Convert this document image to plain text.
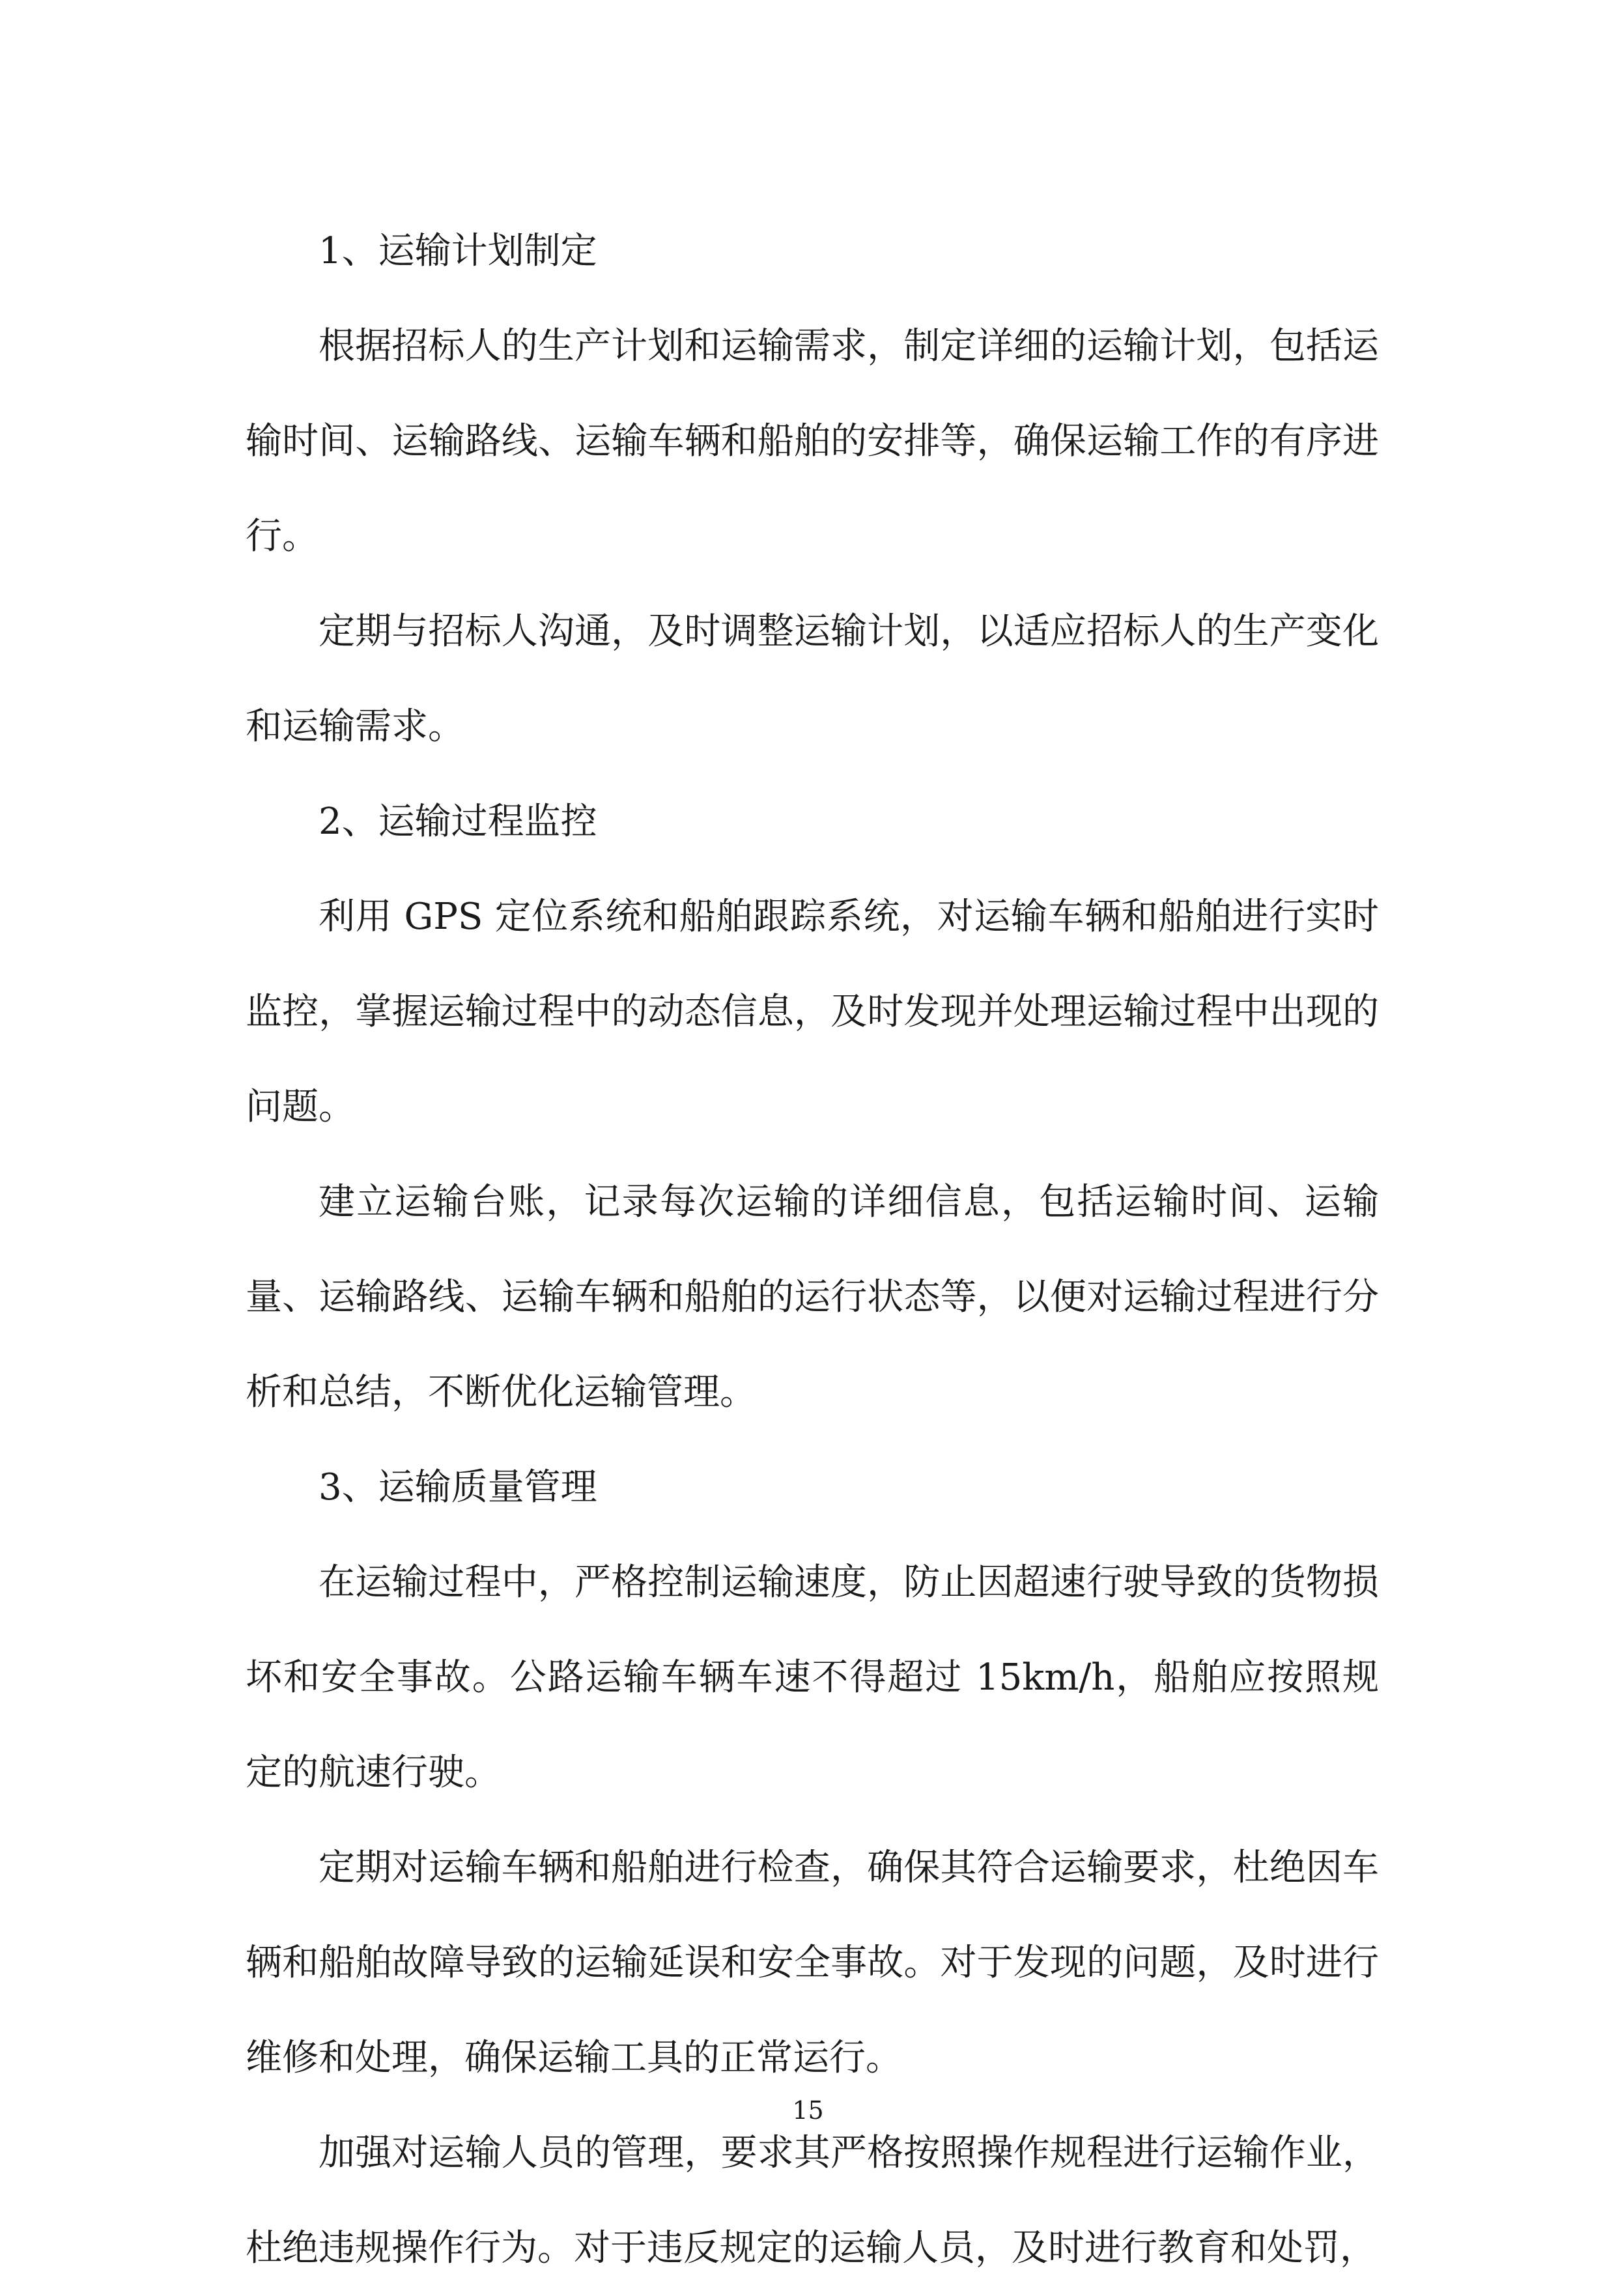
1、运输计划制定

根据招标人的生产计划和运输需求，制定详细的运输计划，包括运输时间、运输路线、运输车辆和船舶的安排等，确保运输工作的有序进行。

定期与招标人沟通，及时调整运输计划，以适应招标人的生产变化和运输需求。

2、运输过程监控

利用 GPS 定位系统和船舶跟踪系统，对运输车辆和船舶进行实时监控，掌握运输过程中的动态信息，及时发现并处理运输过程中出现的问题。

建立运输台账，记录每次运输的详细信息，包括运输时间、运输量、运输路线、运输车辆和船舶的运行状态等，以便对运输过程进行分析和总结，不断优化运输管理。

3、运输质量管理

在运输过程中，严格控制运输速度，防止因超速行驶导致的货物损坏和安全事故。公路运输车辆车速不得超过 15km/h，船舶应按照规定的航速行驶。

定期对运输车辆和船舶进行检查，确保其符合运输要求，杜绝因车辆和船舶故障导致的运输延误和安全事故。对于发现的问题，及时进行维修和处理，确保运输工具的正常运行。

加强对运输人员的管理，要求其严格按照操作规程进行运输作业，杜绝违规操作行为。对于违反规定的运输人员，及时进行教育和处罚，

15
